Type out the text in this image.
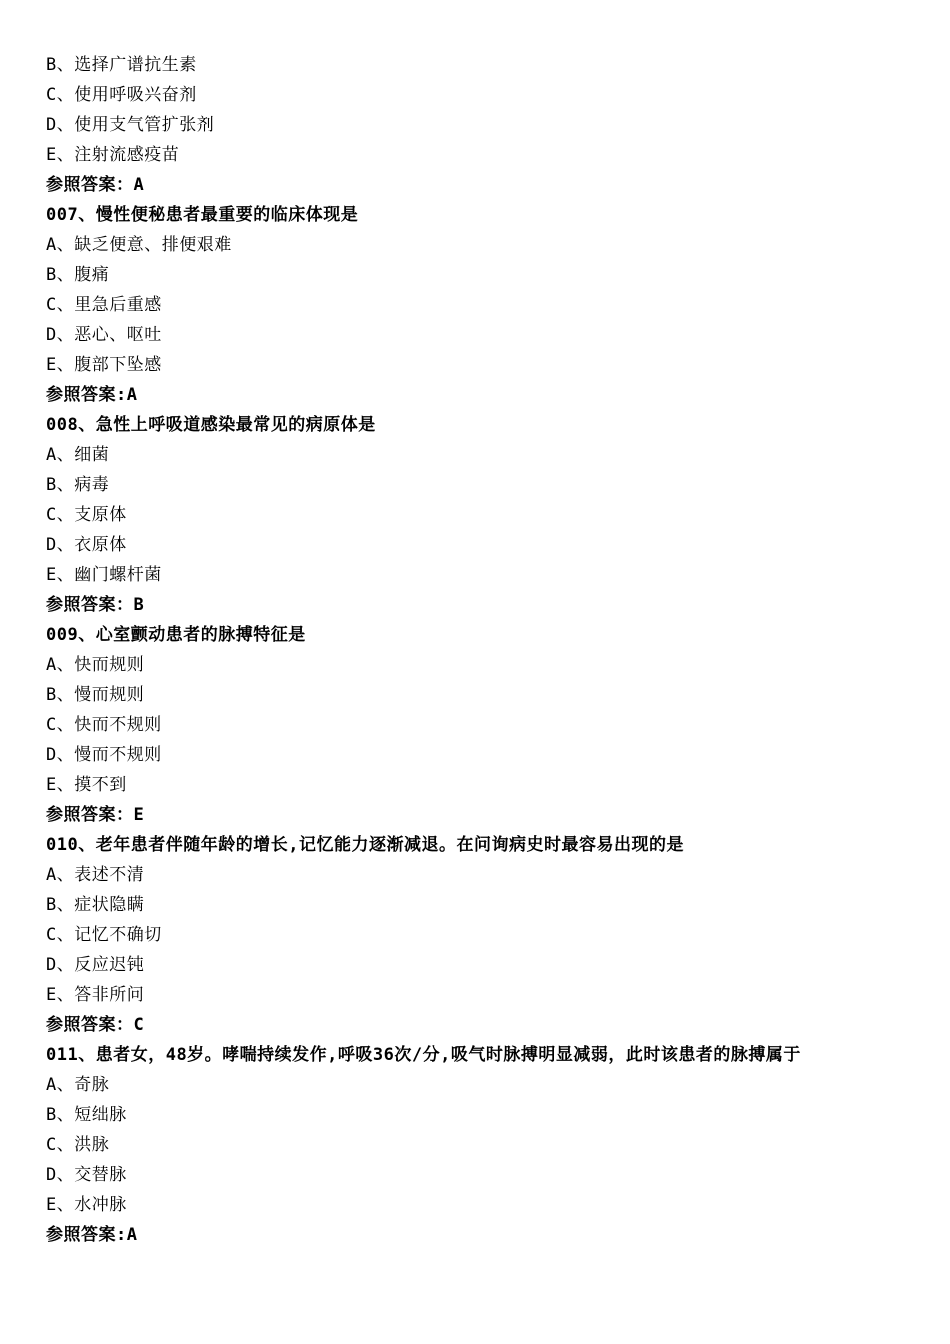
B、选择广谱抗生素
C、使用呼吸兴奋剂
D、使用支气管扩张剂
E、注射流感疫苗
参照答案：A
007、慢性便秘患者最重要的临床体现是
A、缺乏便意、排便艰难
B、腹痛
C、里急后重感
D、恶心、呕吐
E、腹部下坠感
参照答案:A
008、急性上呼吸道感染最常见的病原体是
A、细菌
B、病毒
C、支原体
D、衣原体
E、幽门螺杆菌
参照答案：B
009、心室颤动患者的脉搏特征是
A、快而规则
B、慢而规则
C、快而不规则
D、慢而不规则
E、摸不到
参照答案：E
010、老年患者伴随年龄的增长,记忆能力逐渐减退。在问询病史时最容易出现的是
A、表述不清
B、症状隐瞒
C、记忆不确切
D、反应迟钝
E、答非所问
参照答案：C
011、患者女，48岁。哮喘持续发作,呼吸36次/分,吸气时脉搏明显减弱，此时该患者的脉搏属于
A、奇脉
B、短绌脉
C、洪脉
D、交替脉
E、水冲脉
参照答案:A
